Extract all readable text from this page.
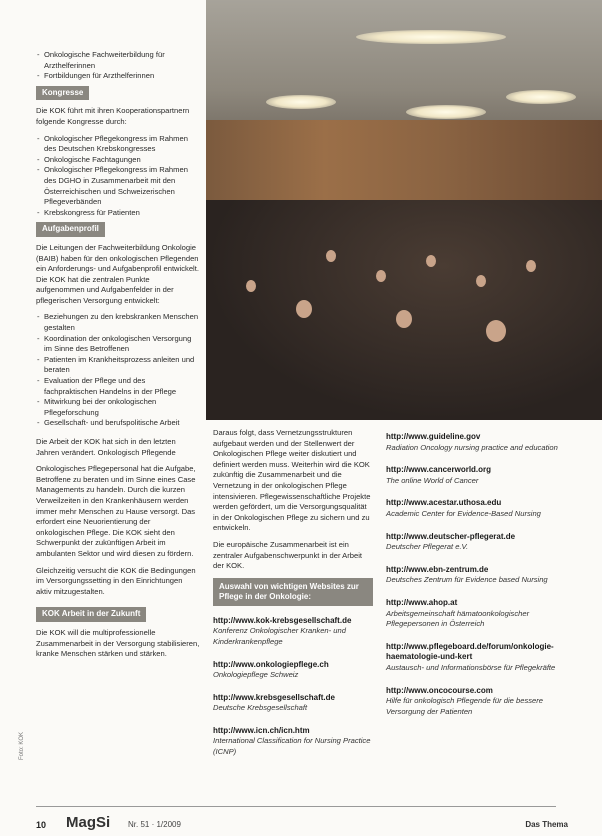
- Onkologische Fachweiterbildung für Arzthelferinnen
- Fortbildungen für Arzthelferinnen
Kongresse

Die KOK führt mit ihren Kooperationspartnern folgende Kongresse durch:

- Onkologischer Pflegekongress im Rahmen des Deutschen Krebskongresses
- Onkologische Fachtagungen
- Onkologischer Pflegekongress im Rahmen des DGHO in Zusammenarbeit mit den Österreichischen und Schweizerischen Pflegeverbänden
- Krebskongress für Patienten
Aufgabenprofil

Die Leitungen der Fachweiterbildung Onkologie (BAIB) haben für den onkologischen Pflegenden ein Anforderungs- und Aufgabenprofil entwickelt. Die KOK hat die zentralen Punkte aufgenommen und Aufgabenfelder in der pflegerischen Versorgung entwickelt:

- Beziehungen zu den krebskranken Menschen gestalten
- Koordination der onkologischen Versorgung im Sinne des Betroffenen
- Patienten im Krankheitsprozess anleiten und beraten
- Evaluation der Pflege und des fachpraktischen Handelns in der Pflege
- Mitwirkung bei der onkologischen Pflegeforschung
- Gesellschaft- und berufspolitische Arbeit

Die Arbeit der KOK hat sich in den letzten Jahren verändert. Onkologisch Pflegende

Onkologisches Pflegepersonal hat die Aufgabe, Betroffene zu beraten und im Sinne eines Case Managements zu handeln. Durch die kurzen Verweilzeiten in den Krankenhäusern werden immer mehr Menschen zu Hause versorgt. Das erfordert eine Neuorientierung der onkologischen Pflege. Die KOK sieht den Schwerpunkt der zukünftigen Arbeit im ambulanten Sektor und wird diesen zu fördern.

Gleichzeitig versucht die KOK die Bedingungen im Versorgungssetting in den Einrichtungen aktiv mitzugestalten.

KOK Arbeit in der Zukunft

Die KOK will die multiprofessionelle Zusammenarbeit in der Versorgung stabilisieren, kranke Menschen stärken und stärken.

Daraus folgt, dass Vernetzungsstrukturen aufgebaut werden und der Stellenwert der Onkologischen Pflege weiter diskutiert und definiert werden muss. Weiterhin wird die KOK zukünftig die Zusammenarbeit und die Vernetzung in der onkologischen Pflege intensivieren. Pflegewissenschaftliche Projekte werden gefördert, um die Versorgungsqualität in der Onkologischen Pflege zu sichern und zu entwickeln.

Die europäische Zusammenarbeit ist ein zentraler Aufgabenschwerpunkt in der Arbeit der KOK.

Auswahl von wichtigen Websites zur Pflege in der Onkologie:
http://www.kok-krebsgesellschaft.de
Konferenz Onkologischer Kranken- und Kinderkrankenpflege
http://www.onkologiepflege.ch
Onkologiepflege Schweiz
http://www.krebsgesellschaft.de
Deutsche Krebsgesellschaft
http://www.icn.ch/icn.htm
International Classification for Nursing Practice (ICNP)
http://www.guideline.gov
Radiation Oncology nursing practice and education
http://www.cancerworld.org
The online World of Cancer
http://www.acestar.uthosa.edu
Academic Center for Evidence-Based Nursing
http://www.deutscher-pflegerat.de
Deutscher Pflegerat e.V.
http://www.ebn-zentrum.de
Deutsches Zentrum für Evidence based Nursing
http://www.ahop.at
Arbeitsgemeinschaft hämatoonkologischer Pflegepersonen in Österreich
http://www.pflegeboard.de/forum/onkologie-haematologie-und-kert
Austausch- und Informationsbörse für Pflegekräfte
http://www.oncocourse.com
Hilfe für onkologisch Pflegende für die bessere Versorgung der Patienten
Foto: KOK
10 MagSi Nr. 51 · 1/2009	Das Thema
